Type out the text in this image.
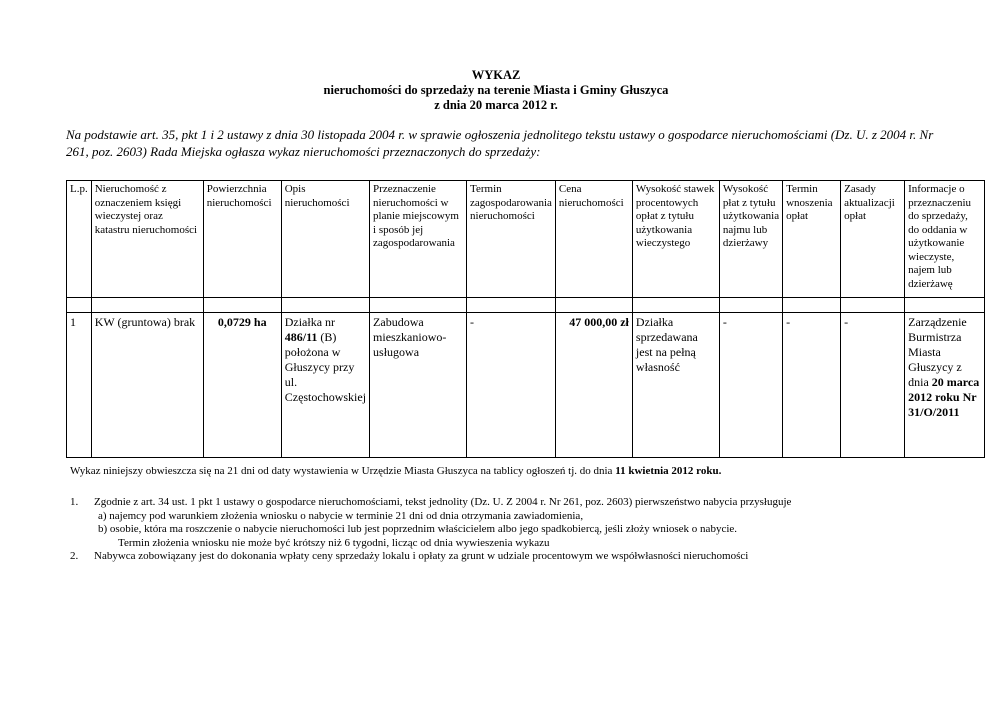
WYKAZ
nieruchomości do sprzedaży na terenie Miasta i Gminy Głuszyca
z dnia 20 marca 2012 r.
Na podstawie art. 35, pkt 1 i 2 ustawy z dnia 30 listopada 2004 r. w sprawie ogłoszenia jednolitego tekstu ustawy o gospodarce nieruchomościami (Dz. U. z 2004 r. Nr 261, poz. 2603) Rada Miejska ogłasza wykaz nieruchomości przeznaczonych do sprzedaży:
L.p.	Nieruchomość z oznaczeniem księgi wieczystej oraz katastru nieruchomości	Powierzchnia nieruchomości	Opis nieruchomości	Przeznaczenie nieruchomości w planie miejscowym i sposób jej zagospodarowania	Termin zagospodarowania nieruchomości	Cena nieruchomości	Wysokość stawek procentowych opłat z tytułu użytkowania wieczystego	Wysokość płat z tytułu użytkowania najmu lub dzierżawy	Termin wnoszenia opłat	Zasady aktualizacji opłat	Informacje o przeznaczeniu do sprzedaży, do oddania w użytkowanie wieczyste, najem lub dzierżawę

1	KW (gruntowa) brak	0,0729 ha	Działka nr 486/11 (B) położona w Głuszycy przy ul. Częstochowskiej	Zabudowa mieszkaniowo-usługowa	-	47 000,00 zł	Działka sprzedawana jest na pełną własność	-	-	-	Zarządzenie Burmistrza Miasta Głuszycy z dnia 20 marca 2012 roku Nr 31/O/2011
Wykaz niniejszy obwieszcza się na 21 dni od daty wystawienia w Urzędzie Miasta Głuszyca na tablicy ogłoszeń tj. do dnia 11 kwietnia 2012 roku.
1.	Zgodnie z art. 34 ust. 1 pkt 1 ustawy o gospodarce nieruchomościami, tekst jednolity (Dz. U. Z 2004 r. Nr 261, poz. 2603) pierwszeństwo nabycia przysługuje
a) najemcy pod warunkiem złożenia wniosku o nabycie w terminie 21 dni od dnia otrzymania zawiadomienia,
b) osobie, która ma roszczenie o nabycie nieruchomości lub jest poprzednim właścicielem albo jego spadkobiercą, jeśli złoży wniosek o nabycie.
Termin złożenia wniosku nie może być krótszy niż 6 tygodni, licząc od dnia wywieszenia wykazu
2.	Nabywca zobowiązany jest do dokonania wpłaty ceny sprzedaży lokalu i opłaty za grunt w udziale procentowym we współwłasności nieruchomości
